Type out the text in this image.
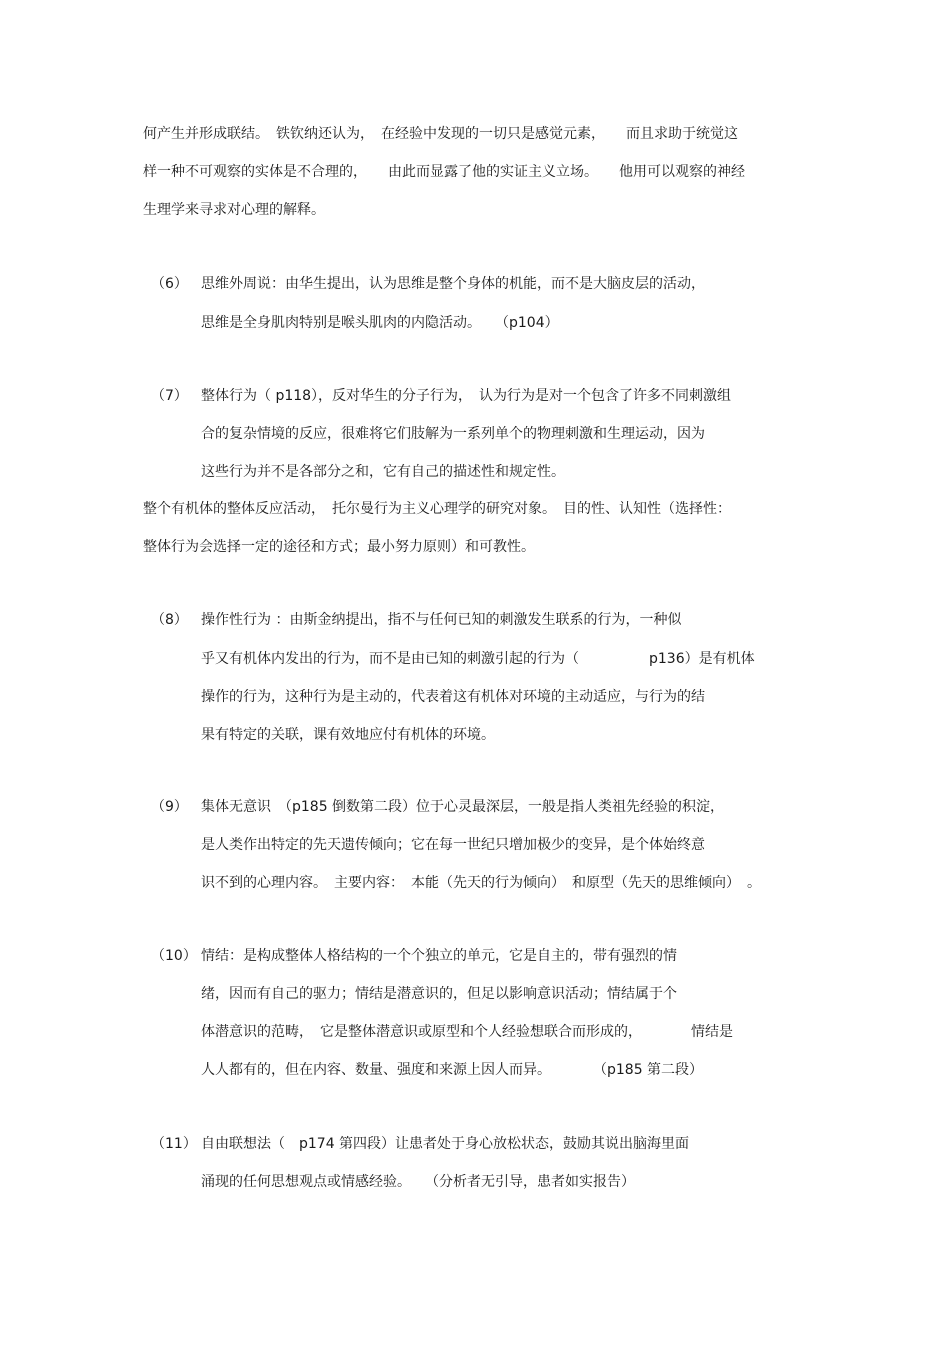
何产生并形成联结。　铁钦纳还认为，　在经验中发现的一切只是感觉元素，　　而且求助于统觉这
样一种不可观察的实体是不合理的，　　由此而显露了他的实证主义立场。　　他用可以观察的神经
生理学来寻求对心理的解释。
（6） 思维外周说：由华生提出，认为思维是整个身体的机能，而不是大脑皮层的活动，
思维是全身肌肉特别是喉头肌肉的内隐活动。　　（p104）
（7） 整体行为（ p118），反对华生的分子行为，　认为行为是对一个包含了许多不同刺激组
合的复杂情境的反应，很难将它们肢解为一系列单个的物理刺激和生理运动，因为
这些行为并不是各部分之和，它有自己的描述性和规定性。
整个有机体的整体反应活动，　托尔曼行为主义心理学的研究对象。　目的性、认知性（选择性：
整体行为会选择一定的途径和方式；最小努力原则）和可教性。
（8） 操作性行为 ：由斯金纳提出，指不与任何已知的刺激发生联系的行为，一种似
乎又有机体内发出的行为，而不是由已知的刺激引起的行为（　　　　　p136）是有机体
操作的行为，这种行为是主动的，代表着这有机体对环境的主动适应，与行为的结
果有特定的关联，课有效地应付有机体的环境。
（9） 集体无意识　（p185 倒数第二段）位于心灵最深层，一般是指人类祖先经验的积淀，
是人类作出特定的先天遗传倾向；它在每一世纪只增加极少的变异，是个体始终意
识不到的心理内容。　主要内容：　本能（先天的行为倾向）　和原型（先天的思维倾向）　。
（10） 情结：是构成整体人格结构的一个个独立的单元，它是自主的，带有强烈的情
绪，因而有自己的驱力；情结是潜意识的，但足以影响意识活动；情结属于个
体潜意识的范畴，　它是整体潜意识或原型和个人经验想联合而形成的，　　　　情结是
人人都有的，但在内容、数量、强度和来源上因人而异。　　　　（p185 第二段）
（11） 自由联想法（　p174 第四段）让患者处于身心放松状态，鼓励其说出脑海里面
涌现的任何思想观点或情感经验。　　（分析者无引导，患者如实报告）
